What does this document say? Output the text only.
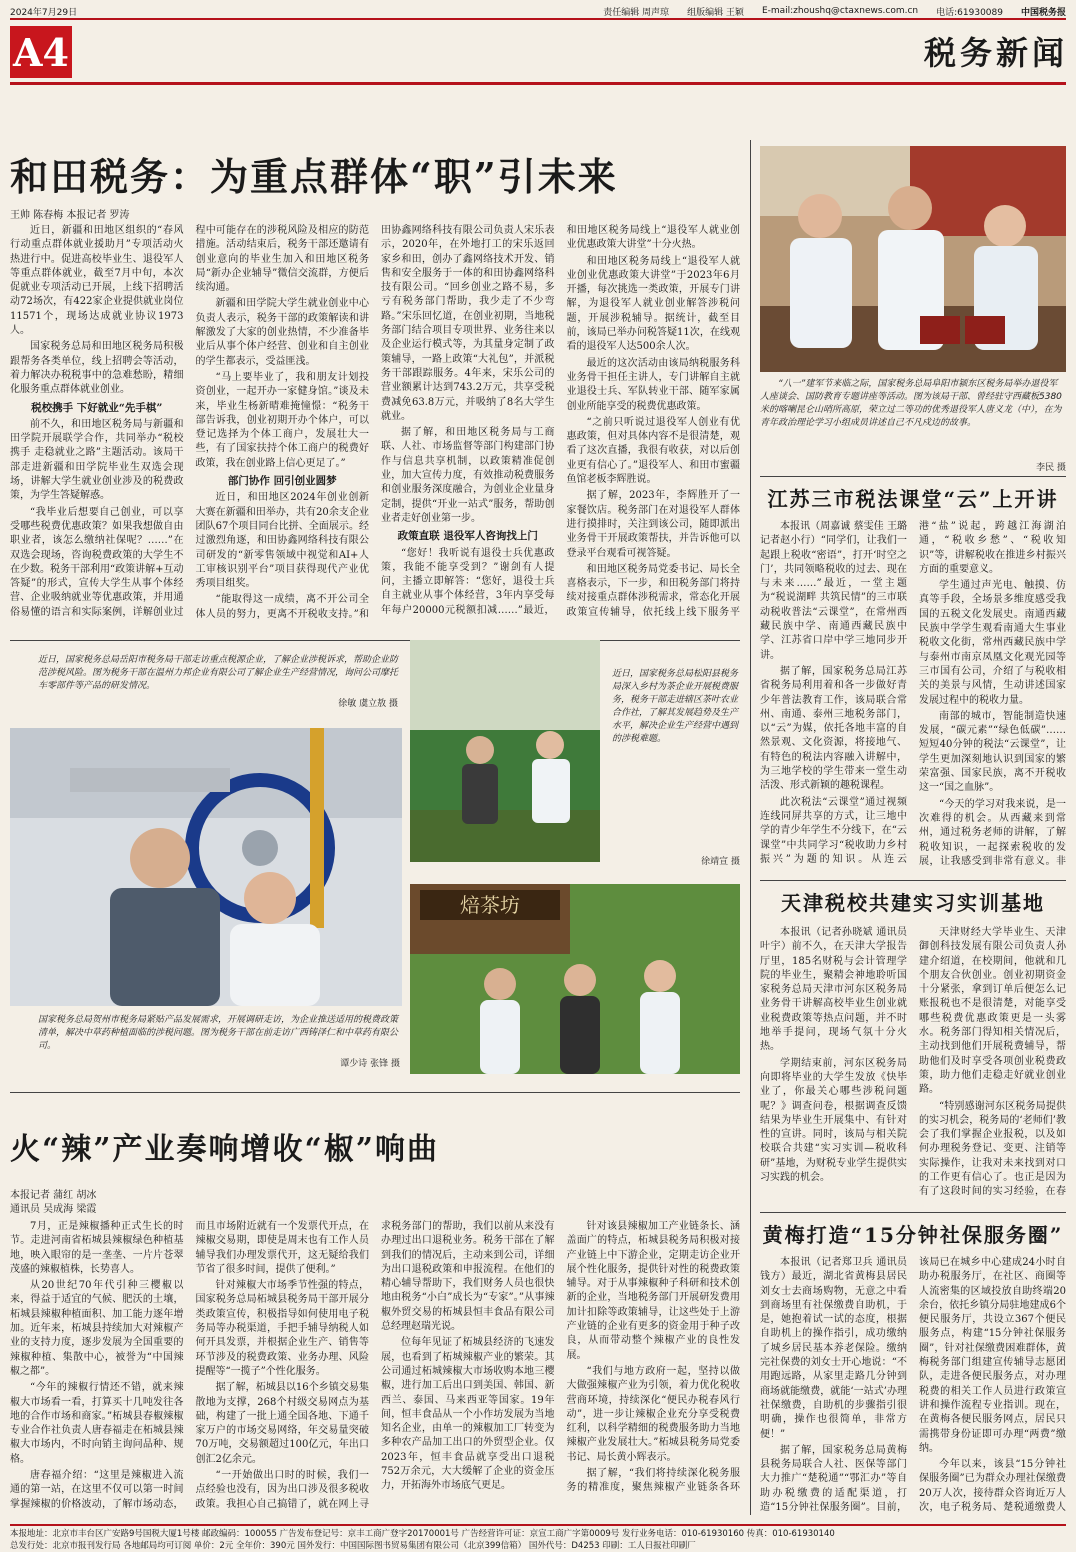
2024年7月29日	责任编辑 周声琼 组版编辑 王颖 E-mail:zhoushq@ctaxnews.com.cn 电话:61930089 中国税务报
A4	税务新闻
和田税务：为重点群体“职”引未来
王帅 陈春梅 本报记者 罗涛

近日，新疆和田地区组织的“春风行动重点群体就业援助月”专项活动火热进行中。促进高校毕业生、退役军人等重点群体就业，截至7月中旬，本次促就业专项活动已开展，上线下招聘活动72场次，有422家企业提供就业岗位11571个，现场达成就业协议1973人。

国家税务总局和田地区税务局积极跟帮务各类单位，线上招聘会等活动，着力解决办税税事中的急难愁盼，精细化服务重点群体就业创业。

税校携手 下好就业“先手棋”

前不久，和田地区税务局与新疆和田学院开展联学合作，共同举办“税校携手 走稳就业之路”主题活动。该局干部走进新疆和田学院毕业生双选会现场，讲解大学生就业创业涉及的税费政策，为学生答疑解惑。

“我毕业后想要自己创业，可以享受哪些税费优惠政策？如果我想做自由职业者，该怎么缴纳社保呢？……”在双选会现场，咨询税费政策的大学生不在少数。税务干部利用“政策讲解+互动答疑”的形式，宣传大学生从事个体经营、企业吸纳就业等优惠政策，并用通俗易懂的语言和实际案例，详解创业过程中可能存在的涉税风险及相应的防范措施。活动结束后，税务干部还邀请有创业意向的毕业生加入和田地区税务局“新办企业辅导”微信交流群，方便后续沟通。

新疆和田学院大学生就业创业中心负责人表示，税务干部的政策解读和讲解激发了大家的创业热情，不少准备毕业后从事个体户经营、创业和自主创业的学生都表示，受益匪浅。

“马上要毕业了，我和朋友计划投资创业，一起开办一家健身馆。”谈及未来，毕业生杨新晴难掩憧憬：“税务干部告诉我，创业初期开办个体户，可以登记选择为个体工商户，发展壮大一些，有了国家扶持个体工商户的税费好政策，我在创业路上信心更足了。”

部门协作 回引创业圆梦

近日，和田地区2024年创业创新大赛在新疆和田举办，共有20余支企业团队67个项目同台比拼、全面展示。经过激烈角逐，和田协鑫网络科技有限公司研发的“新零售领域中视觉和AI+人工审核识别平台”项目获得现代产业优秀项目组奖。

“能取得这一成绩，离不开公司全体人员的努力，更离不开税收支持。”和田协鑫网络科技有限公司负责人宋乐表示，2020年，在外地打工的宋乐返回家乡和田，创办了鑫网络技术开发、销售和安全服务于一体的和田协鑫网络科技有限公司。“回乡创业之路不易，多亏有税务部门帮助，我少走了不少弯路。”宋乐回忆道，在创业初期，当地税务部门结合项目专项世界、业务往来以及企业运行模式等，为其量身定制了政策辅导，一路上政策“大礼包”，并派税务干部跟踪服务。4年来，宋乐公司的营业额累计达到743.2万元，共享受税费减免63.8万元，并吸纳了8名大学生就业。

据了解，和田地区税务局与工商联、人社、市场监督等部门构建部门协作与信息共享机制，以政策精准促创业，加大宣传力度，有效推动税费服务和创业服务深度融合，为创业企业量身定制，提供“开业一站式”服务，帮助创业者走好创业第一步。

政策直联 退役军人咨询找上门

“您好！我听说有退役士兵优惠政策，我能不能享受到？”谢剑有人提问，主播立即解答：“您好，退役士兵自主就业从事个体经营，3年内享受每年每户20000元税额扣减……”最近，和田地区税务局线上“退役军人就业创业优惠政策大讲堂”十分火热。

和田地区税务局线上“退役军人就业创业优惠政策大讲堂”于2023年6月开播，每次挑选一类政策，开展专门讲解，为退役军人就业创业解答涉税问题，开展涉税辅导。据统计，截至目前，该局已举办问税答疑11次，在线观看的退役军人达500余人次。

最近的这次活动由该局纳税服务科业务骨干担任主讲人，专门讲解自主就业退役士兵、军队转业干部、随军家属创业所能享受的税费优惠政策。

“之前只听说过退役军人创业有优惠政策，但对具体内容不是很清楚，观看了这次直播，我很有收获，对以后创业更有信心了。”退役军人、和田市蜜疆鱼馆老板李辉胜说。

据了解，2023年，李辉胜开了一家餐饮店。税务部门在对退役军人群体进行摸排时，关注到该公司，随即派出业务骨干开展政策帮扶，并告诉他可以登录平台观看可视答疑。

和田地区税务局党委书记、局长全喜格表示，下一步，和田税务部门将持续对接重点群体涉税需求，常态化开展政策宣传辅导，依托线上线下服务平

“八一”建军节来临之际，国家税务总局阜阳市颍东区税务局举办退役军人座谈会、国防教育专题讲座等活动。图为该局干部、曾经驻守西藏板5380米的喀喇昆仑山哨所高原，荣立过二等功的优秀退役军人唐义龙（中），在为青年政治理论学习小组成员讲述自己不凡戍边的故事。
李民 摄
江苏三市税法课堂“云”上开讲

本报讯（周嘉诚 蔡雯佳 王璐 记者赵小行）“同学们，让我们一起跟上税收“密语”，打开‘时空之门’，共同领略税收的过去、现在与未来……”最近，一堂主题为“税说湖畔 共筑民情”的三市联动税收普法“云课堂”，在常州西藏民族中学、南通西藏民族中学、江苏省口岸中学三地同步开讲。

据了解，国家税务总局江苏省税务局利用着和各一步做好青少年普法教育工作，该局联合常州、南通、泰州三地税务部门，以“云”为媒，依托各地丰富的自然景观、文化资源，将接地气、有特色的税法内容融入讲解中，为三地学校的学生带来一堂生动活泼、形式新颖的趣税课程。

此次税法“云课堂”通过视频连线同屏共享的方式，让三地中学的青少年学生不分线下，在“云课堂”中共同学习“税收助力乡村振兴”为题的知识。从连云港“盐”说起，跨越江海湖泊通，“税收乡愁”、“税收知识”等，讲解税收在推进乡村振兴方面的重要意义。

学生通过声光电、触摸、仿真等手段，全场景多维度感受我国的五税文化发展史。南通西藏民族中学学生观看南通大生事业税收文化街，常州西藏民族中学与泰州市南京凤凰文化观光园等三市国有公司，介绍了与税收相关的美景与风情，生动讲述国家发展过程中的税收力量。

南部的城市，智能制造快速发展，“碳元素”“绿色低碳”……短短40分钟的税法“云课堂”，让学生更加深刻地认识到国家的繁荣富强、国家民族，离不开税收这一“国之血脉”。

“今天的学习对我来说，是一次难得的机会。从西藏来到常州，通过税务老师的讲解，了解税收知识，一起探索税收的发展，让我感受到非常有意义。非

天津税校共建实习实训基地

本报讯（记者孙晓斌 通讯员叶宇）前不久，在天津大学报告厅里，185名财税与会计管理学院的毕业生，聚精会神地聆听国家税务总局天津市河东区税务局业务骨干讲解高校毕业生创业就业税费政策等热点问题，并不时地举手提问，现场气氛十分火热。

学期结束前，河东区税务局向即将毕业的大学生发放《快毕业了，你最关心哪些涉税问题呢？》调查问卷，根据调查反馈结果为毕业生开展集中、有针对性的宣讲。同时，该局与相关院校联合共建“实习实训—税收科研”基地，为财税专业学生提供实习实践的机会。

天津财经大学毕业生、天津御创科技发展有限公司负责人孙建介绍道，在校期间，他就和几个朋友合伙创业。创业初期资金十分紧张，拿到订单后便怎么记账报税也不是很清楚，对能享受哪些税费优惠政策更是一头雾水。税务部门得知相关情况后，主动找到他们开展税费辅导，帮助他们及时享受各项创业税费政策，助力他们走稳走好就业创业路。

“特别感谢河东区税务局提供的实习机会，税务局的‘老师们’教会了我们掌握企业报税，以及如何办理税务登记、变更、注销等实际操作，让我对未来找到对口的工作更有信心了。也正是因为有了这段时间的实习经验，在春

黄梅打造“15分钟社保服务圈”

本报讯（记者郑卫兵 通讯员钱方）最近，湖北省黄梅县居民刘女士去商场购物，无意之中看到商场里有社保缴费自助机，于是，她抱着试一试的态度，根据自助机上的操作指引，成功缴纳了城乡居民基本养老保险。缴纳完社保费的刘女士开心地说：“不用跑远路，从家里走路几分钟到商场就能缴费，就能‘一站式’办理社保缴费，自助机的步骤指引很明确，操作也很简单，非常方便！”

据了解，国家税务总局黄梅县税务局联合人社、医保等部门大力推广“楚税通”“鄂汇办”等自助办税缴费的适配渠道，打造“15分钟社保服务圈”。目前，该局已在城乡中心建成24小时自助办税服务厅，在社区、商圈等人流密集的区域投放自助终端20余台，依托乡镇分局驻地建成6个便民服务厅，共设立367个便民服务点，构建“15分钟社保服务圈”，针对社保缴费困难群体，黄梅税务部门组建宣传辅导志愿团队，走进各便民服务点，对办理税费的相关工作人员进行政策宣讲和操作流程专业指训。现在，在黄梅各便民服务网点，居民只需携带身份证即可办理“两费”缴纳。

今年以来，该县“15分钟社保服务圈”已为群众办理社保缴费20万人次，接待群众咨询近万人次，电子税务局、楚税通缴费人

近日，国家税务总局岳阳市税务局干部走访重点税源企业，了解企业涉税诉求，帮助企业防范涉税风险。图为税务干部在温州力邦企业有限公司了解企业生产经营情况，询问公司摩托车零部件等产品的研发情况。
徐敏 虞立敖 摄
近日，国家税务总局松阳县税务局深入乡村为茶企业开展税费服务，税务干部走进辖区茶叶农业合作社，了解其发展趋势及生产水平，解决企业生产经营中遇到的涉税难题。
徐靖宣 摄
焙茶坊
国家税务总局贺州市税务局紧贴产品发展需求，开展调研走访，为企业推送适用的税费政策清单，解决中草药种植面临的涉税问题。图为税务干部在前走访广西铸泽仁和中草药有限公司。
谭少诗 张锋 摄
火“辣”产业奏响增收“椒”响曲
本报记者 蒲红 胡冰
通讯员 吴成海 梁霞

7月，正是辣椒播种正式生长的时节。走进河南省柘城县辣椒绿色种植基地，映入眼帘的是一垄垄、一片片苍翠茂盛的辣椒植株，长势喜人。

从20世纪70年代引种三樱椒以来，得益于适宜的气候、肥沃的土壤，柘城县辣椒种植面积、加工能力逐年增加。近年来，柘城县持续加大对辣椒产业的支持力度，逐步发展为全国重要的辣椒种植、集散中心，被誉为“中国辣椒之都”。

“今年的辣椒行情还不错，就来辣椒大市场看一看，打算买十几吨发往各地的合作市场和商家。”柘城县春椒辣椒专业合作社负责人唐春福走在柘城县辣椒大市场内，不时向销主询问品种、规格。

唐春福介绍：“这里是辣椒进入流通的第一站，在这里不仅可以第一时间掌握辣椒的价格波动，了解市场动态，而且市场附近就有一个发票代开点，在辣椒交易期，即使是周末也有工作人员辅导我们办理发票代开，这无疑给我们节省了很多时间，提供了便利。”

针对辣椒大市场季节性强的特点，国家税务总局柘城县税务局干部开展分类政策宣传，积极指导如何使用电子税务局等办税渠道，手把手辅导纳税人如何开具发票，并根据企业生产、销售等环节涉及的税费政策、业务办理、风险提醒等“一揽子”个性化服务。

据了解，柘城县以16个乡镇交易集散地为支撑，268个村级交易网点为基础，构建了一批上通全国各地、下通千家万户的市场交易网络，年交易量突破70万吨，交易额超过100亿元，年出口创汇2亿余元。

“一开始做出口时的时候，我们一点经验也没有，因为出口涉及很多税收政策。我担心自己搞错了，就在网上寻求税务部门的帮助，我们以前从来没有办理过出口退税业务。税务干部在了解到我们的情况后，主动来到公司，详细为出口退税政策和申报流程。在他们的精心辅导帮助下，我们财务人员也很快地由税务“小白”成长为“专家”。”从事辣椒外贸交易的柘城县恒丰食品有限公司总经理赵瑞光说。

位每年见证了柘城县经济的飞速发展，也看到了柘城辣椒产业的繁荣。其公司通过柘城辣椒大市场收购本地三樱椒，进行加工后出口到美国、韩国、新西兰、泰国、马来西亚等国家。19年间，恒丰食品从一个小作坊发展为当地知名企业，由单一的辣椒加工厂转变为多种农产品加工出口的外贸型企业。仅2023年，恒丰食品就享受出口退税752万余元，大大缓解了企业的资金压力，开拓海外市场底气更足。

针对该县辣椒加工产业链条长、涵盖面广的特点，柘城县税务局积极对接产业链上中下游企业，定期走访企业开展个性化服务，提供针对性的税费政策辅导。对于从事辣椒种子科研和技术创新的企业，当地税务部门开展研发费用加计扣除等政策辅导，让这些处于上游产业链的企业有更多的资金用于种子改良，从而带动整个辣椒产业的良性发展。

“我们与地方政府一起，坚持以做大做强辣椒产业为引领，着力优化税收营商环境，持续深化“便民办税春风行动”，进一步让辣椒企业充分享受税费红利，以科学精细的税费服务助力当地辣椒产业发展壮大。”柘城县税务局党委书记、局长黄小辉表示。

据了解，“我们将持续深化税务服务的精准度，聚焦辣椒产业链条各环

本报地址：北京市丰台区广安路9号国税大厦1号楼 邮政编码：100055 广告发布登记号：京丰工商广登字20170001号 广告经营许可证：京宣工商广字第0009号 发行业务电话：010-61930160 传真：010-61930140
总发行处：北京市报刊发行局 各地邮局均可订阅 单价：2元 全年价：390元 国外发行：中国国际图书贸易集团有限公司（北京399信箱） 国外代号：D4253 印刷：工人日报社印刷厂
